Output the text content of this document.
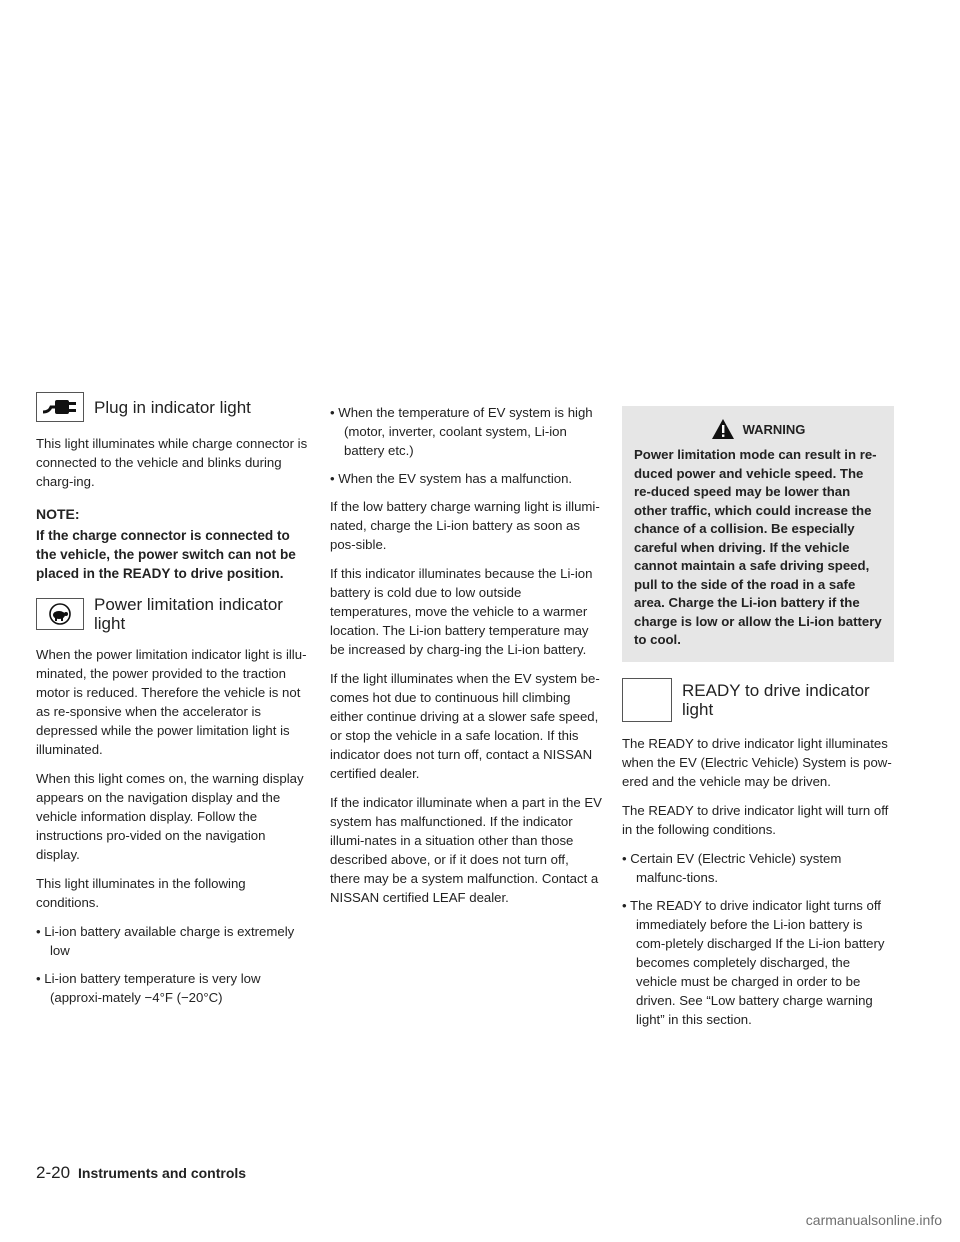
Plug in indicator light

This light illuminates while charge connector is connected to the vehicle and blinks during charg-ing.

NOTE:
If the charge connector is connected to the vehicle, the power switch can not be placed in the READY to drive position.
Power limitation indicator light

When the power limitation indicator light is illu-minated, the power provided to the traction motor is reduced. Therefore the vehicle is not as re-sponsive when the accelerator is depressed while the power limitation light is illuminated.

When this light comes on, the warning display appears on the navigation display and the vehicle information display. Follow the instructions pro-vided on the navigation display.

This light illuminates in the following conditions.

• Li-ion battery available charge is extremely low
• Li-ion battery temperature is very low (approxi-mately −4°F (−20°C)
• When the temperature of EV system is high (motor, inverter, coolant system, Li-ion battery etc.)
• When the EV system has a malfunction.

If the low battery charge warning light is illumi-nated, charge the Li-ion battery as soon as pos-sible.

If this indicator illuminates because the Li-ion battery is cold due to low outside temperatures, move the vehicle to a warmer location. The Li-ion battery temperature may be increased by charg-ing the Li-ion battery.

If the light illuminates when the EV system be-comes hot due to continuous hill climbing either continue driving at a slower safe speed, or stop the vehicle in a safe location. If this indicator does not turn off, contact a NISSAN certified dealer.

If the indicator illuminate when a part in the EV system has malfunctioned. If the indicator illumi-nates in a situation other than those described above, or if it does not turn off, there may be a system malfunction. Contact a NISSAN certified LEAF dealer.

WARNING
Power limitation mode can result in re-duced power and vehicle speed. The re-duced speed may be lower than other traffic, which could increase the chance of a collision. Be especially careful when driving. If the vehicle cannot maintain a safe driving speed, pull to the side of the road in a safe area. Charge the Li-ion battery if the charge is low or allow the Li-ion battery to cool.
READY to drive indicator light

The READY to drive indicator light illuminates when the EV (Electric Vehicle) System is pow-ered and the vehicle may be driven.

The READY to drive indicator light will turn off in the following conditions.

• Certain EV (Electric Vehicle) system malfunc-tions.
• The READY to drive indicator light turns off immediately before the Li-ion battery is com-pletely discharged If the Li-ion battery becomes completely discharged, the vehicle must be charged in order to be driven. See “Low battery charge warning light” in this section.
2-20 Instruments and controls
carmanualsonline.info
